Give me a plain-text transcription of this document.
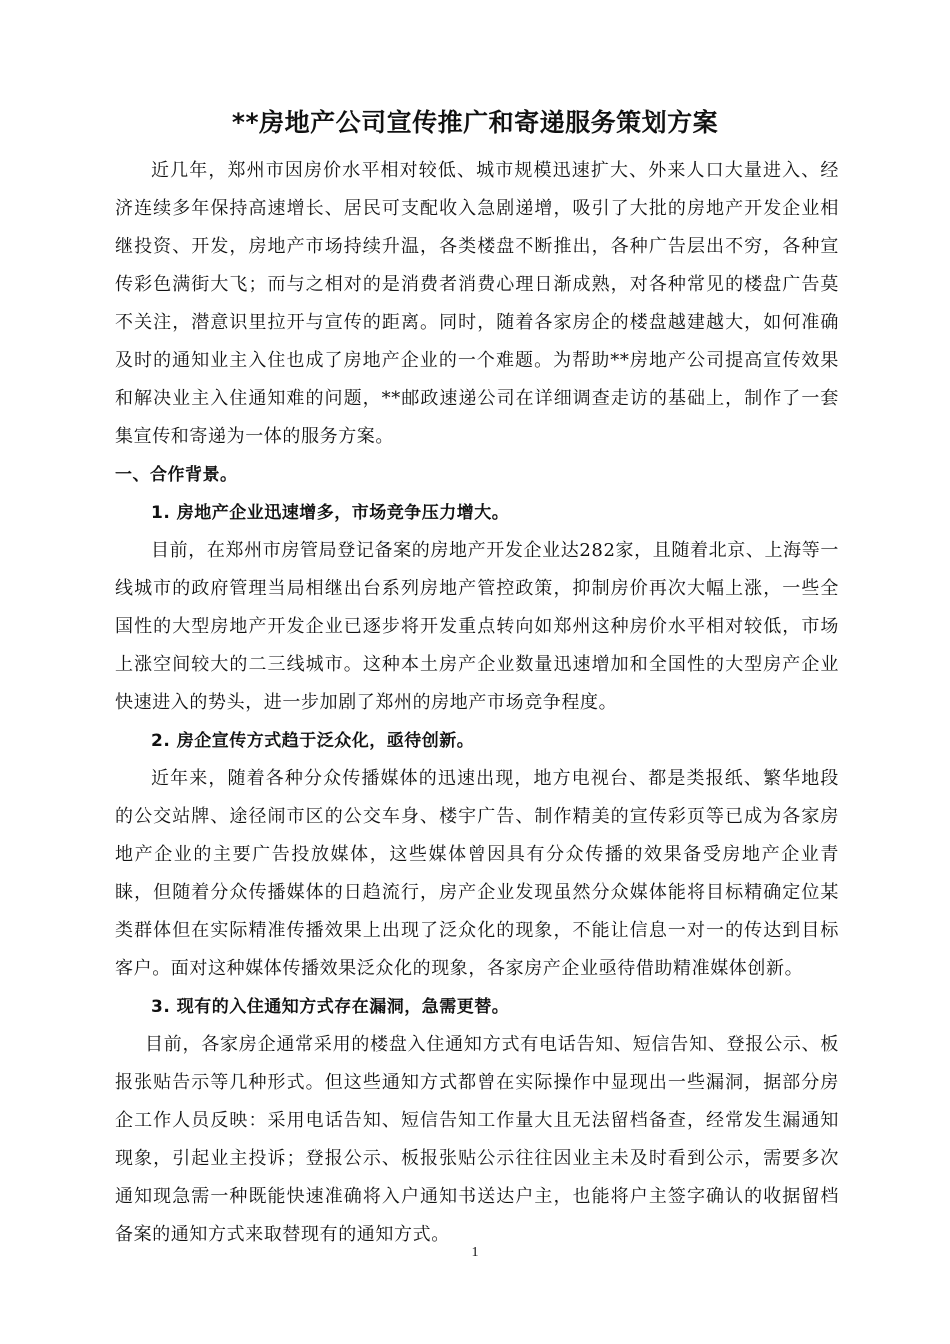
**房地产公司宣传推广和寄递服务策划方案

近几年，郑州市因房价水平相对较低、城市规模迅速扩大、外来人口大量进入、经济连续多年保持高速增长、居民可支配收入急剧递增，吸引了大批的房地产开发企业相继投资、开发，房地产市场持续升温，各类楼盘不断推出，各种广告层出不穷，各种宣传彩色满街大飞；而与之相对的是消费者消费心理日渐成熟，对各种常见的楼盘广告莫不关注，潜意识里拉开与宣传的距离。同时，随着各家房企的楼盘越建越大，如何准确及时的通知业主入住也成了房地产企业的一个难题。为帮助**房地产公司提高宣传效果和解决业主入住通知难的问题，**邮政速递公司在详细调查走访的基础上，制作了一套集宣传和寄递为一体的服务方案。

一、合作背景。

1. 房地产企业迅速增多，市场竞争压力增大。

目前，在郑州市房管局登记备案的房地产开发企业达282家，且随着北京、上海等一线城市的政府管理当局相继出台系列房地产管控政策，抑制房价再次大幅上涨，一些全国性的大型房地产开发企业已逐步将开发重点转向如郑州这种房价水平相对较低，市场上涨空间较大的二三线城市。这种本土房产企业数量迅速增加和全国性的大型房产企业快速进入的势头，进一步加剧了郑州的房地产市场竞争程度。

2. 房企宣传方式趋于泛众化，亟待创新。

近年来，随着各种分众传播媒体的迅速出现，地方电视台、都是类报纸、繁华地段的公交站牌、途径闹市区的公交车身、楼宇广告、制作精美的宣传彩页等已成为各家房地产企业的主要广告投放媒体，这些媒体曾因具有分众传播的效果备受房地产企业青睐，但随着分众传播媒体的日趋流行，房产企业发现虽然分众媒体能将目标精确定位某类群体但在实际精准传播效果上出现了泛众化的现象，不能让信息一对一的传达到目标客户。面对这种媒体传播效果泛众化的现象，各家房产企业亟待借助精准媒体创新。

3. 现有的入住通知方式存在漏洞，急需更替。

目前，各家房企通常采用的楼盘入住通知方式有电话告知、短信告知、登报公示、板报张贴告示等几种形式。但这些通知方式都曾在实际操作中显现出一些漏洞，据部分房企工作人员反映：采用电话告知、短信告知工作量大且无法留档备查，经常发生漏通知现象，引起业主投诉；登报公示、板报张贴公示往往因业主未及时看到公示，需要多次通知现急需一种既能快速准确将入户通知书送达户主，也能将户主签字确认的收据留档备案的通知方式来取替现有的通知方式。

1
